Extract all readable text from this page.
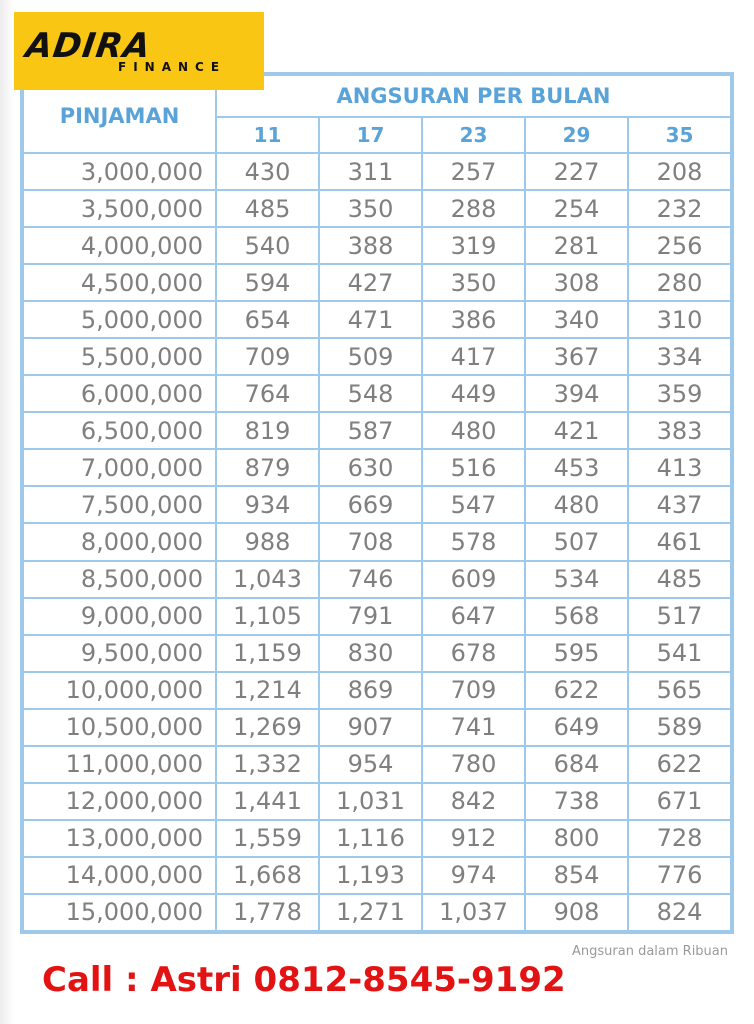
PINJAMAN	ANGSURAN PER BULAN				
	11	17	23	29	35
3,000,000	430	311	257	227	208
3,500,000	485	350	288	254	232
4,000,000	540	388	319	281	256
4,500,000	594	427	350	308	280
5,000,000	654	471	386	340	310
5,500,000	709	509	417	367	334
6,000,000	764	548	449	394	359
6,500,000	819	587	480	421	383
7,000,000	879	630	516	453	413
7,500,000	934	669	547	480	437
8,000,000	988	708	578	507	461
8,500,000	1,043	746	609	534	485
9,000,000	1,105	791	647	568	517
9,500,000	1,159	830	678	595	541
10,000,000	1,214	869	709	622	565
10,500,000	1,269	907	741	649	589
11,000,000	1,332	954	780	684	622
12,000,000	1,441	1,031	842	738	671
13,000,000	1,559	1,116	912	800	728
14,000,000	1,668	1,193	974	854	776
15,000,000	1,778	1,271	1,037	908	824
ADIRA
FINANCE
Angsuran dalam Ribuan
Call : Astri 0812-8545-9192
